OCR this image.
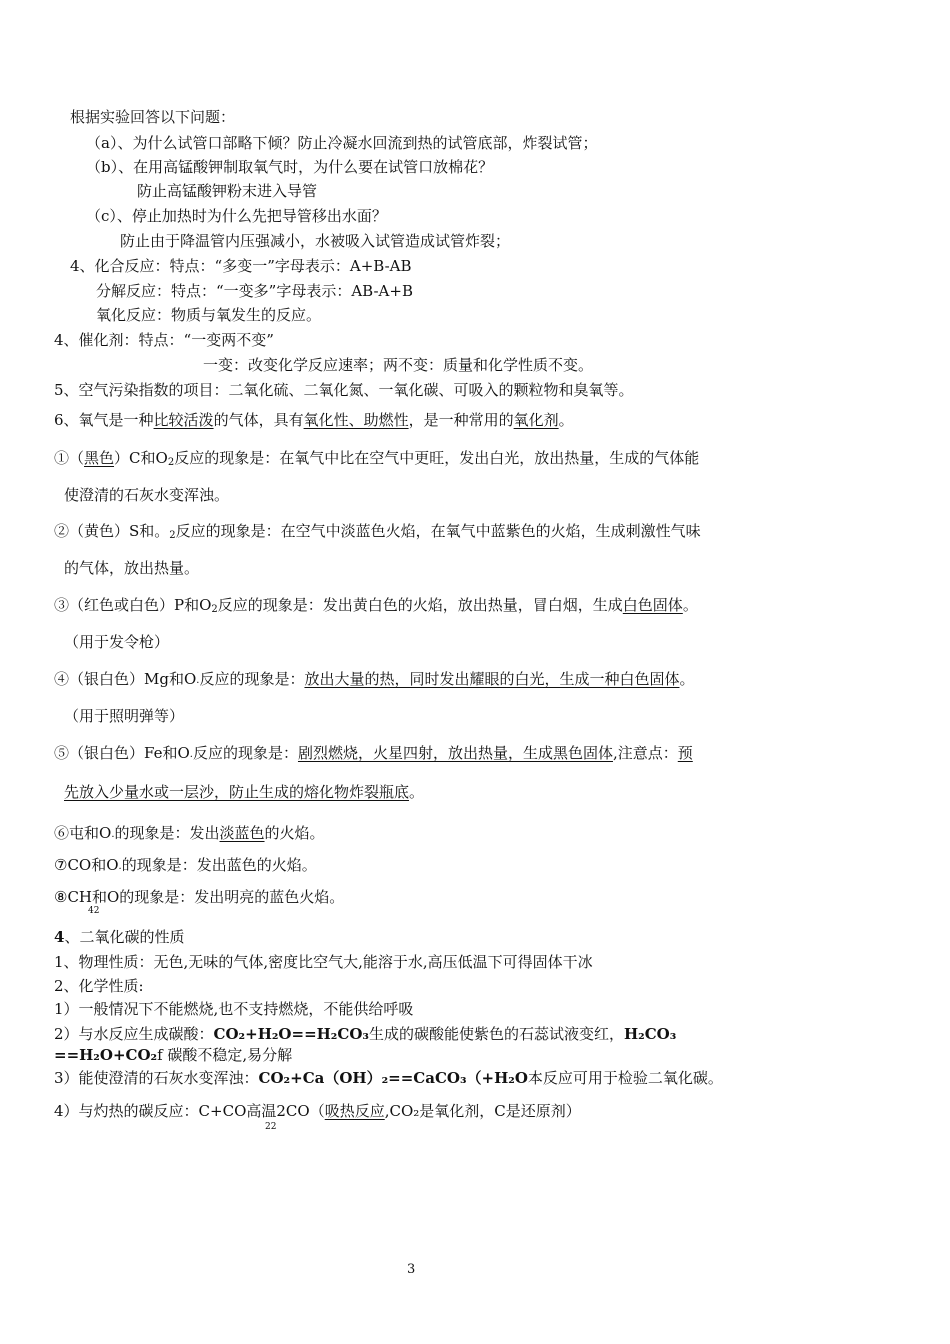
根据实验回答以下问题：
（a）、为什么试管口部略下倾？防止冷凝水回流到热的试管底部，炸裂试管；
（b）、在用高锰酸钾制取氧气时，为什么要在试管口放棉花？
防止高锰酸钾粉末进入导管
（c）、停止加热时为什么先把导管移出水面？
防止由于降温管内压强减小，水被吸入试管造成试管炸裂；
4、化合反应：特点：“多变一”字母表示：A+B-AB
分解反应：特点：“一变多”字母表示：AB-A+B
氧化反应：物质与氧发生的反应。
4、催化剂：特点：“一变两不变”
一变：改变化学反应速率；两不变：质量和化学性质不变。
5、空气污染指数的项目：二氧化硫、二氧化氮、一氧化碳、可吸入的颗粒物和臭氧等。
6、氧气是一种比较活泼的气体，具有氧化性、助燃性，是一种常用的氧化剂。
①（黑色）C和$O_2$反应的现象是：在氧气中比在空气中更旺，发出白光，放出热量，生成的气体能
使澄清的石灰水变浑浊。
②（黄色）S和。$_2$反应的现象是：在空气中淡蓝色火焰，在氧气中蓝紫色的火焰，生成刺激性气味
的气体，放出热量。
③（红色或白色）P和$O_2$反应的现象是：发出黄白色的火焰，放出热量，冒白烟，生成白色固体。
（用于发令枪）
④（银白色）Mg和$O_\cdot$反应的现象是：放出大量的热，同时发出耀眼的白光，生成一种白色固体。
（用于照明弹等）
⑤（银白色）Fe和$O_\cdot$反应的现象是：剧烈燃烧，火星四射，放出热量，生成黑色固体,注意点：预
先放入少量水或一层沙，防止生成的熔化物炸裂瓶底。
⑥屯和$O_\cdot$的现象是：发出淡蓝色的火焰。
⑦CO和$O_\cdot$的现象是：发出蓝色的火焰。
⑧CH和O的现象是：发出明亮的蓝色火焰。
42
4、二氧化碳的性质
1、物理性质：无色,无味的气体,密度比空气大,能溶于水,高压低温下可得固体干冰
2、化学性质:
1）一般情况下不能燃烧,也不支持燃烧，不能供给呼吸
2）与水反应生成碳酸：CO₂+H₂O==H₂CO₃生成的碳酸能使紫色的石蕊试液变红，H₂CO₃
==H₂O+CO₂f 碳酸不稳定,易分解
3）能使澄清的石灰水变浑浊：CO₂+Ca（OH）₂==CaCO₃（+H₂O本反应可用于检验二氧化碳。
4）与灼热的碳反应：C+CO高温2CO（吸热反应,CO₂是氧化剂，C是还原剂）
22
3
